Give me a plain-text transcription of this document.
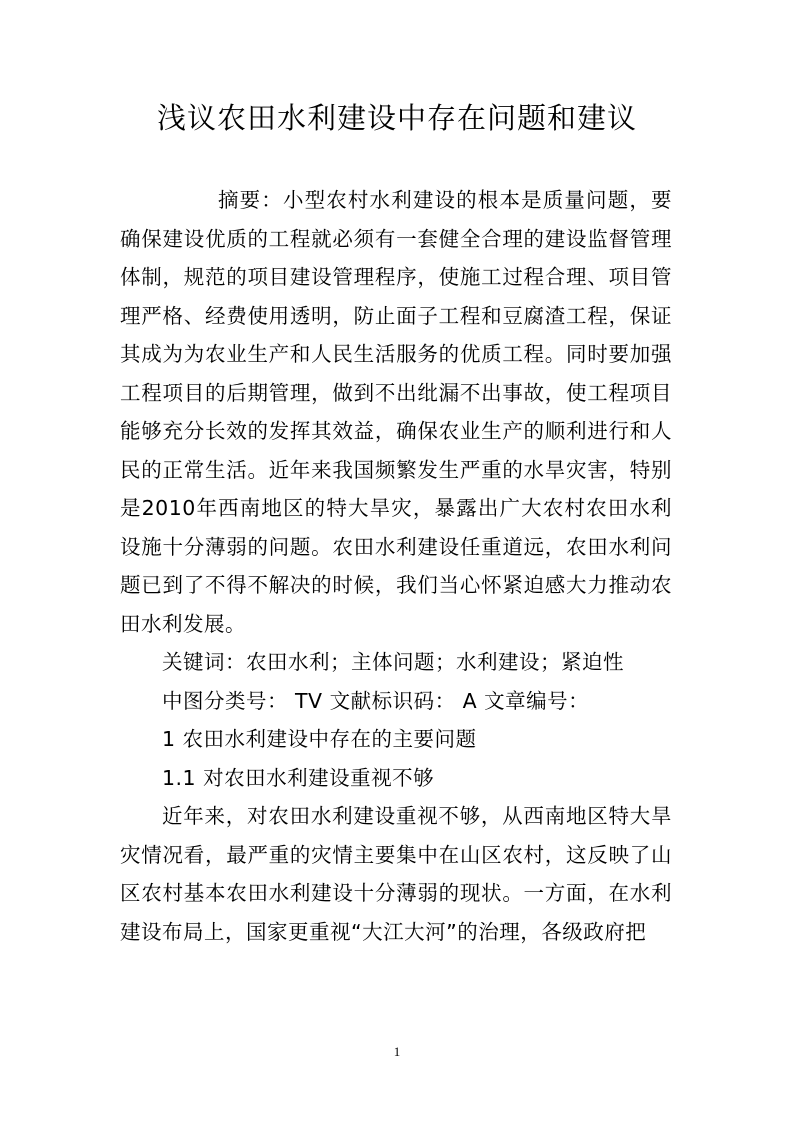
浅议农田水利建设中存在问题和建议

摘要：小型农村水利建设的根本是质量问题，要确保建设优质的工程就必须有一套健全合理的建设监督管理体制，规范的项目建设管理程序，使施工过程合理、项目管理严格、经费使用透明，防止面子工程和豆腐渣工程，保证其成为为农业生产和人民生活服务的优质工程。同时要加强工程项目的后期管理，做到不出纰漏不出事故，使工程项目能够充分长效的发挥其效益，确保农业生产的顺利进行和人民的正常生活。近年来我国频繁发生严重的水旱灾害，特别是2010年西南地区的特大旱灾，暴露出广大农村农田水利设施十分薄弱的问题。农田水利建设任重道远，农田水利问题已到了不得不解决的时候，我们当心怀紧迫感大力推动农田水利发展。

关键词：农田水利；主体问题；水利建设；紧迫性

中图分类号： TV 文献标识码： A 文章编号：

1 农田水利建设中存在的主要问题

1.1 对农田水利建设重视不够

近年来，对农田水利建设重视不够，从西南地区特大旱灾情况看，最严重的灾情主要集中在山区农村，这反映了山区农村基本农田水利建设十分薄弱的现状。一方面，在水利建设布局上，国家更重视“大江大河”的治理，各级政府把

1
